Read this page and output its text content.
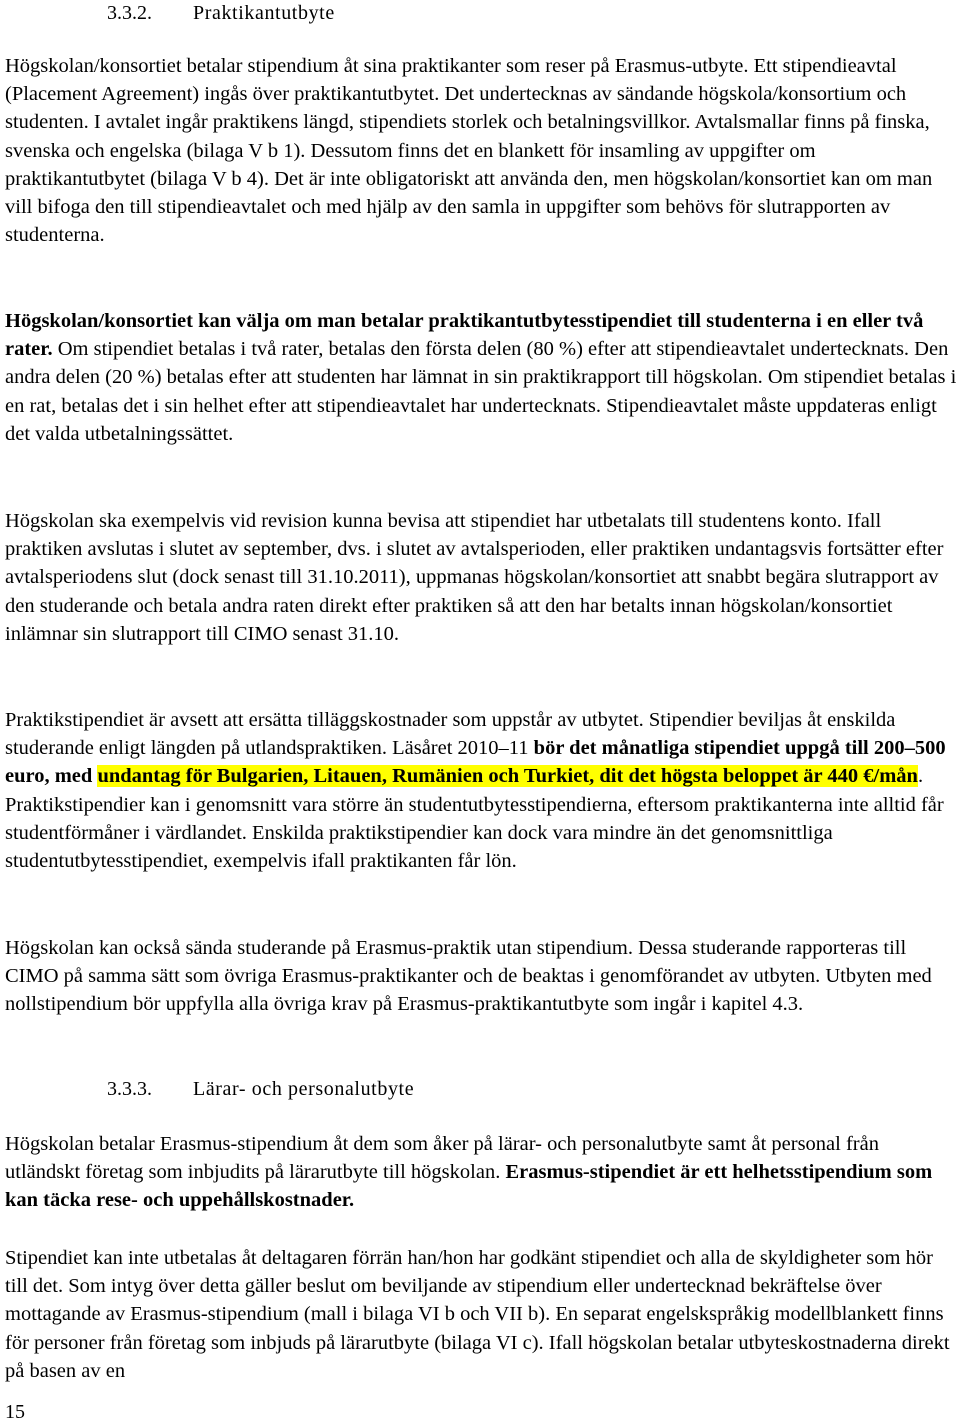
3.3.2. Praktikantutbyte

Högskolan/konsortiet betalar stipendium åt sina praktikanter som reser på Erasmus-utbyte. Ett stipendieavtal (Placement Agreement) ingås över praktikantutbytet. Det undertecknas av sändande högskola/konsortium och studenten. I avtalet ingår praktikens längd, stipendiets storlek och betalningsvillkor. Avtalsmallar finns på finska, svenska och engelska (bilaga V b 1). Dessutom finns det en blankett för insamling av uppgifter om praktikantutbytet (bilaga V b 4). Det är inte obligatoriskt att använda den, men högskolan/konsortiet kan om man vill bifoga den till stipendieavtalet och med hjälp av den samla in uppgifter som behövs för slutrapporten av studenterna.

Högskolan/konsortiet kan välja om man betalar praktikantutbytesstipendiet till studenterna i en eller två rater. Om stipendiet betalas i två rater, betalas den första delen (80 %) efter att stipendieavtalet undertecknats. Den andra delen (20 %) betalas efter att studenten har lämnat in sin praktikrapport till högskolan. Om stipendiet betalas i en rat, betalas det i sin helhet efter att stipendieavtalet har undertecknats. Stipendieavtalet måste uppdateras enligt det valda utbetalningssättet.

Högskolan ska exempelvis vid revision kunna bevisa att stipendiet har utbetalats till studentens konto. Ifall praktiken avslutas i slutet av september, dvs. i slutet av avtalsperioden, eller praktiken undantagsvis fortsätter efter avtalsperiodens slut (dock senast till 31.10.2011), uppmanas högskolan/konsortiet att snabbt begära slutrapport av den studerande och betala andra raten direkt efter praktiken så att den har betalts innan högskolan/konsortiet inlämnar sin slutrapport till CIMO senast 31.10.

Praktikstipendiet är avsett att ersätta tilläggskostnader som uppstår av utbytet. Stipendier beviljas åt enskilda studerande enligt längden på utlandspraktiken. Läsåret 2010–11 bör det månatliga stipendiet uppgå till 200–500 euro, med undantag för Bulgarien, Litauen, Rumänien och Turkiet, dit det högsta beloppet är 440 €/mån. Praktikstipendier kan i genomsnitt vara större än studentutbytesstipendierna, eftersom praktikanterna inte alltid får studentförmåner i värdlandet. Enskilda praktikstipendier kan dock vara mindre än det genomsnittliga studentutbytesstipendiet, exempelvis ifall praktikanten får lön.

Högskolan kan också sända studerande på Erasmus-praktik utan stipendium. Dessa studerande rapporteras till CIMO på samma sätt som övriga Erasmus-praktikanter och de beaktas i genomförandet av utbyten. Utbyten med nollstipendium bör uppfylla alla övriga krav på Erasmus-praktikantutbyte som ingår i kapitel 4.3.

3.3.3. Lärar- och personalutbyte

Högskolan betalar Erasmus-stipendium åt dem som åker på lärar- och personalutbyte samt åt personal från utländskt företag som inbjudits på lärarutbyte till högskolan. Erasmus-stipendiet är ett helhetsstipendium som kan täcka rese- och uppehållskostnader.

Stipendiet kan inte utbetalas åt deltagaren förrän han/hon har godkänt stipendiet och alla de skyldigheter som hör till det. Som intyg över detta gäller beslut om beviljande av stipendium eller undertecknad bekräftelse över mottagande av Erasmus-stipendium (mall i bilaga VI b och VII b). En separat engelskspråkig modellblankett finns för personer från företag som inbjuds på lärarutbyte (bilaga VI c). Ifall högskolan betalar utbyteskostnaderna direkt på basen av en

15
